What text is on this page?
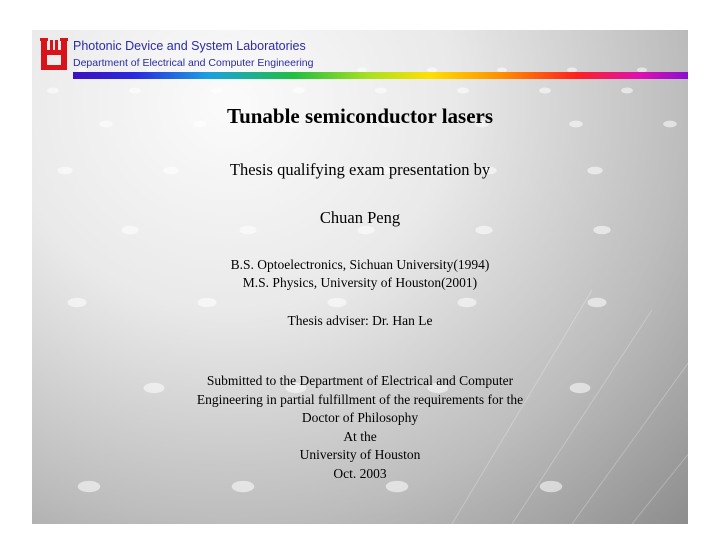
Photonic Device and System Laboratories
Department of Electrical and Computer Engineering
Tunable semiconductor lasers
Thesis qualifying exam presentation by
Chuan Peng
B.S. Optoelectronics, Sichuan University(1994)
M.S. Physics, University of Houston(2001)
Thesis adviser: Dr. Han Le
Submitted to the Department of Electrical and Computer
Engineering in partial fulfillment of the requirements for the
Doctor of Philosophy
At the
University of Houston
Oct. 2003
